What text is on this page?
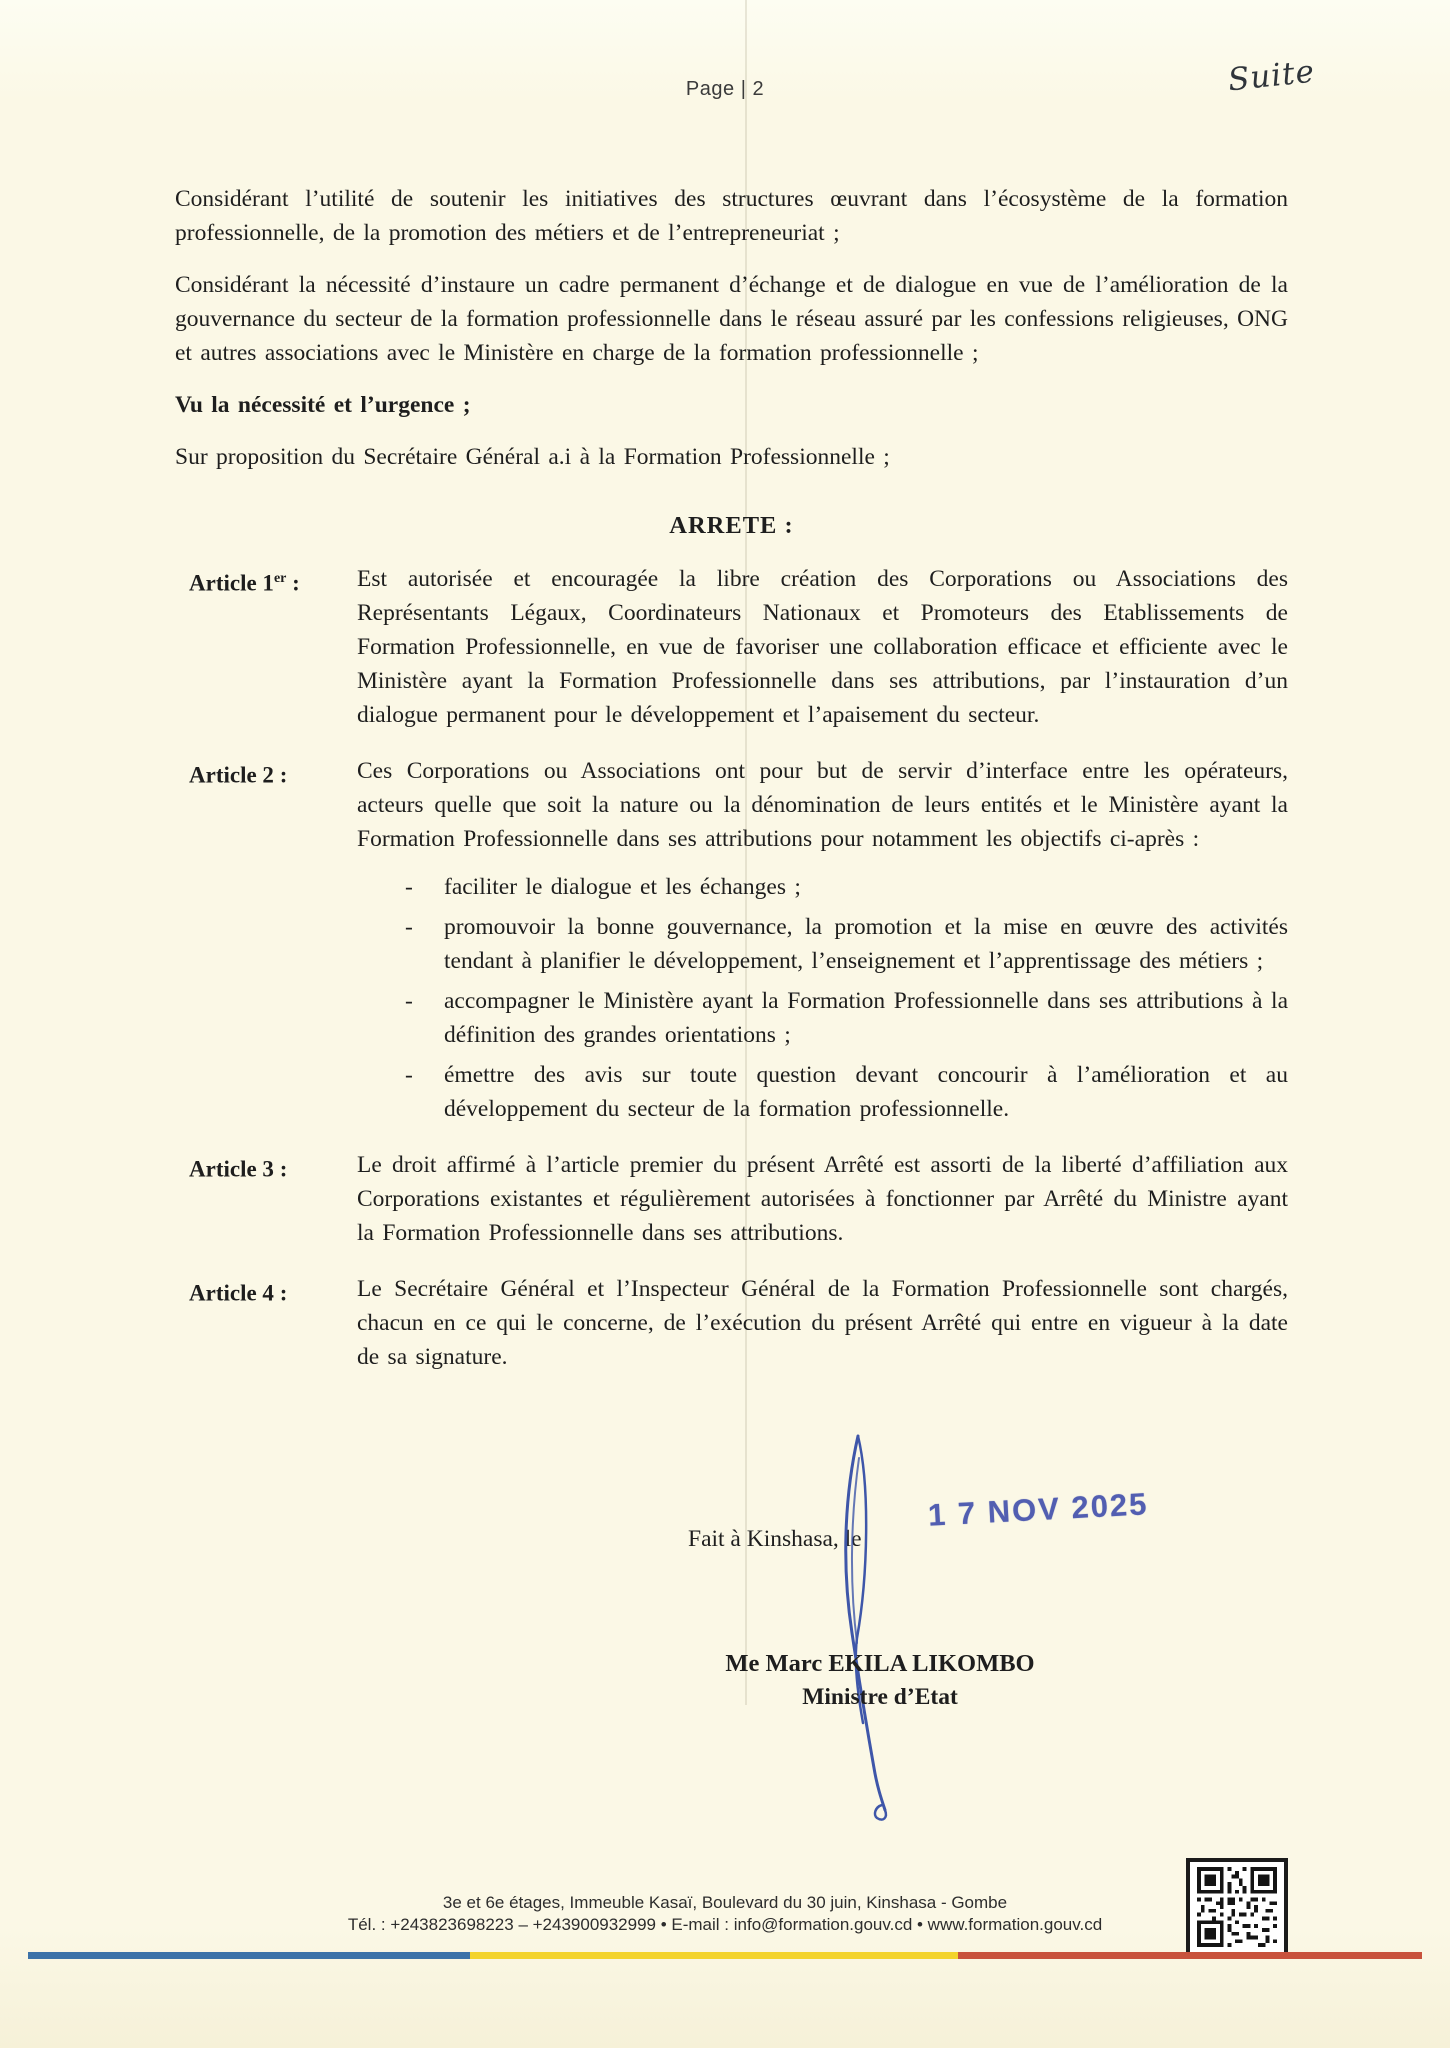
Page | 2	Suite

Considérant l’utilité de soutenir les initiatives des structures œuvrant dans l’écosystème de la formation professionnelle, de la promotion des métiers et de l’entrepreneuriat ;

Considérant la nécessité d’instaure un cadre permanent d’échange et de dialogue en vue de l’amélioration de la gouvernance du secteur de la formation professionnelle dans le réseau assuré par les confessions religieuses, ONG et autres associations avec le Ministère en charge de la formation professionnelle ;

Vu la nécessité et l’urgence ;

Sur proposition du Secrétaire Général a.i à la Formation Professionnelle ;

ARRETE :
Article 1er :	Est autorisée et encouragée la libre création des Corporations ou Associations des Représentants Légaux, Coordinateurs Nationaux et Promoteurs des Etablissements de Formation Professionnelle, en vue de favoriser une collaboration efficace et efficiente avec le Ministère ayant la Formation Professionnelle dans ses attributions, par l’instauration d’un dialogue permanent pour le développement et l’apaisement du secteur.
Article 2 :	Ces Corporations ou Associations ont pour but de servir d’interface entre les opérateurs, acteurs quelle que soit la nature ou la dénomination de leurs entités et le Ministère ayant la Formation Professionnelle dans ses attributions pour notamment les objectifs ci-après :
-	faciliter le dialogue et les échanges ;
-	promouvoir la bonne gouvernance, la promotion et la mise en œuvre des activités tendant à planifier le développement, l’enseignement et l’apprentissage des métiers ;
-	accompagner le Ministère ayant la Formation Professionnelle dans ses attributions à la définition des grandes orientations ;
-	émettre des avis sur toute question devant concourir à l’amélioration et au développement du secteur de la formation professionnelle.
Article 3 :	Le droit affirmé à l’article premier du présent Arrêté est assorti de la liberté d’affiliation aux Corporations existantes et régulièrement autorisées à fonctionner par Arrêté du Ministre ayant la Formation Professionnelle dans ses attributions.
Article 4 :	Le Secrétaire Général et l’Inspecteur Général de la Formation Professionnelle sont chargés, chacun en ce qui le concerne, de l’exécution du présent Arrêté qui entre en vigueur à la date de sa signature.
Fait à Kinshasa, le
1 7 NOV 2025
Me Marc EKILA LIKOMBO
Ministre d’Etat
3e et 6e étages, Immeuble Kasaï, Boulevard du 30 juin, Kinshasa - Gombe
Tél. : +243823698223 – +243900932999 • E-mail : info@formation.gouv.cd • www.formation.gouv.cd
